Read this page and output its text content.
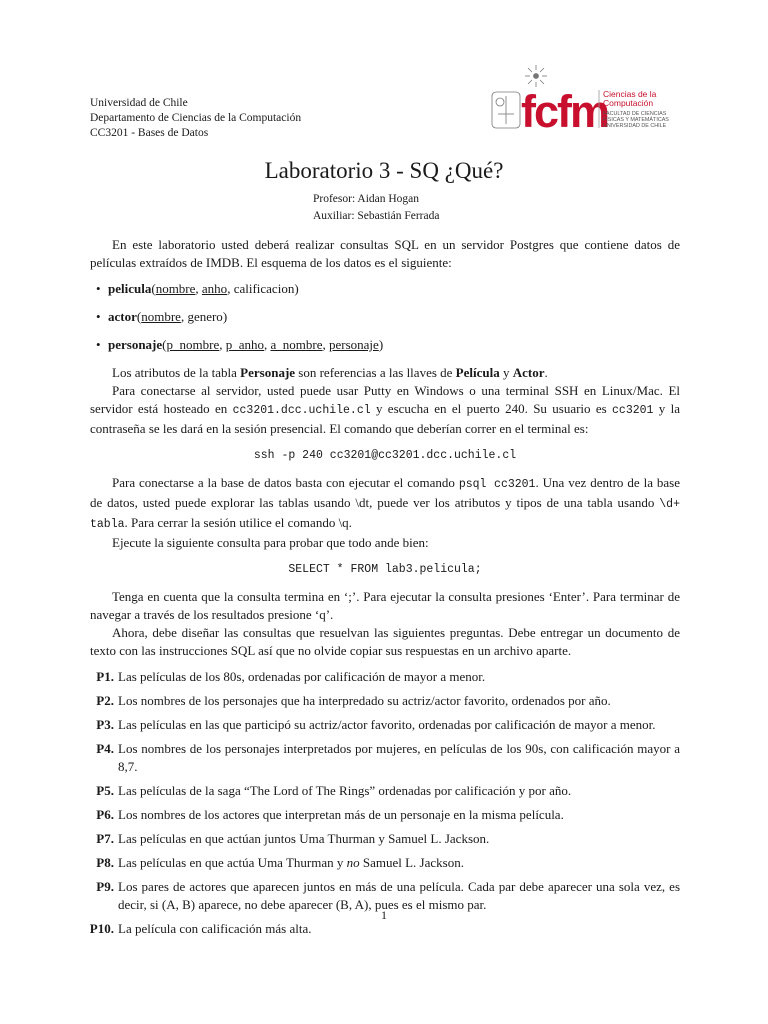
Universidad de Chile
Departamento de Ciencias de la Computación
CC3201 - Bases de Datos	fcfm
Ciencias de la
Computación
FACULTAD DE CIENCIAS
FÍSICAS Y MATEMÁTICAS
UNIVERSIDAD DE CHILE
Laboratorio 3 - SQ ¿Qué?
Profesor: Aidan Hogan
Auxiliar: Sebastián Ferrada

En este laboratorio usted deberá realizar consultas SQL en un servidor Postgres que contiene datos de películas extraídos de IMDB. El esquema de los datos es el siguiente:

• pelicula(nombre, anho, calificacion)
• actor(nombre, genero)
• personaje(p_nombre, p_anho, a_nombre, personaje)

Los atributos de la tabla Personaje son referencias a las llaves de Película y Actor.

Para conectarse al servidor, usted puede usar Putty en Windows o una terminal SSH en Linux/Mac. El servidor está hosteado en cc3201.dcc.uchile.cl y escucha en el puerto 240. Su usuario es cc3201 y la contraseña se les dará en la sesión presencial. El comando que deberían correr en el terminal es:

ssh -p 240 cc3201@cc3201.dcc.uchile.cl

Para conectarse a la base de datos basta con ejecutar el comando psql cc3201. Una vez dentro de la base de datos, usted puede explorar las tablas usando \dt, puede ver los atributos y tipos de una tabla usando \d+ tabla. Para cerrar la sesión utilice el comando \q.

Ejecute la siguiente consulta para probar que todo ande bien:

SELECT * FROM lab3.pelicula;

Tenga en cuenta que la consulta termina en ‘;’. Para ejecutar la consulta presiones ‘Enter’. Para terminar de navegar a través de los resultados presione ‘q’.

Ahora, debe diseñar las consultas que resuelvan las siguientes preguntas. Debe entregar un documento de texto con las instrucciones SQL así que no olvide copiar sus respuestas en un archivo aparte.

P1. Las películas de los 80s, ordenadas por calificación de mayor a menor.
P2. Los nombres de los personajes que ha interpredado su actriz/actor favorito, ordenados por año.
P3. Las películas en las que participó su actriz/actor favorito, ordenadas por calificación de mayor a menor.
P4. Los nombres de los personajes interpretados por mujeres, en películas de los 90s, con calificación mayor a 8,7.
P5. Las películas de la saga “The Lord of The Rings” ordenadas por calificación y por año.
P6. Los nombres de los actores que interpretan más de un personaje en la misma película.
P7. Las películas en que actúan juntos Uma Thurman y Samuel L. Jackson.
P8. Las películas en que actúa Uma Thurman y no Samuel L. Jackson.
P9. Los pares de actores que aparecen juntos en más de una película. Cada par debe aparecer una sola vez, es decir, si (A, B) aparece, no debe aparecer (B, A), pues es el mismo par.
P10. La película con calificación más alta.
1
